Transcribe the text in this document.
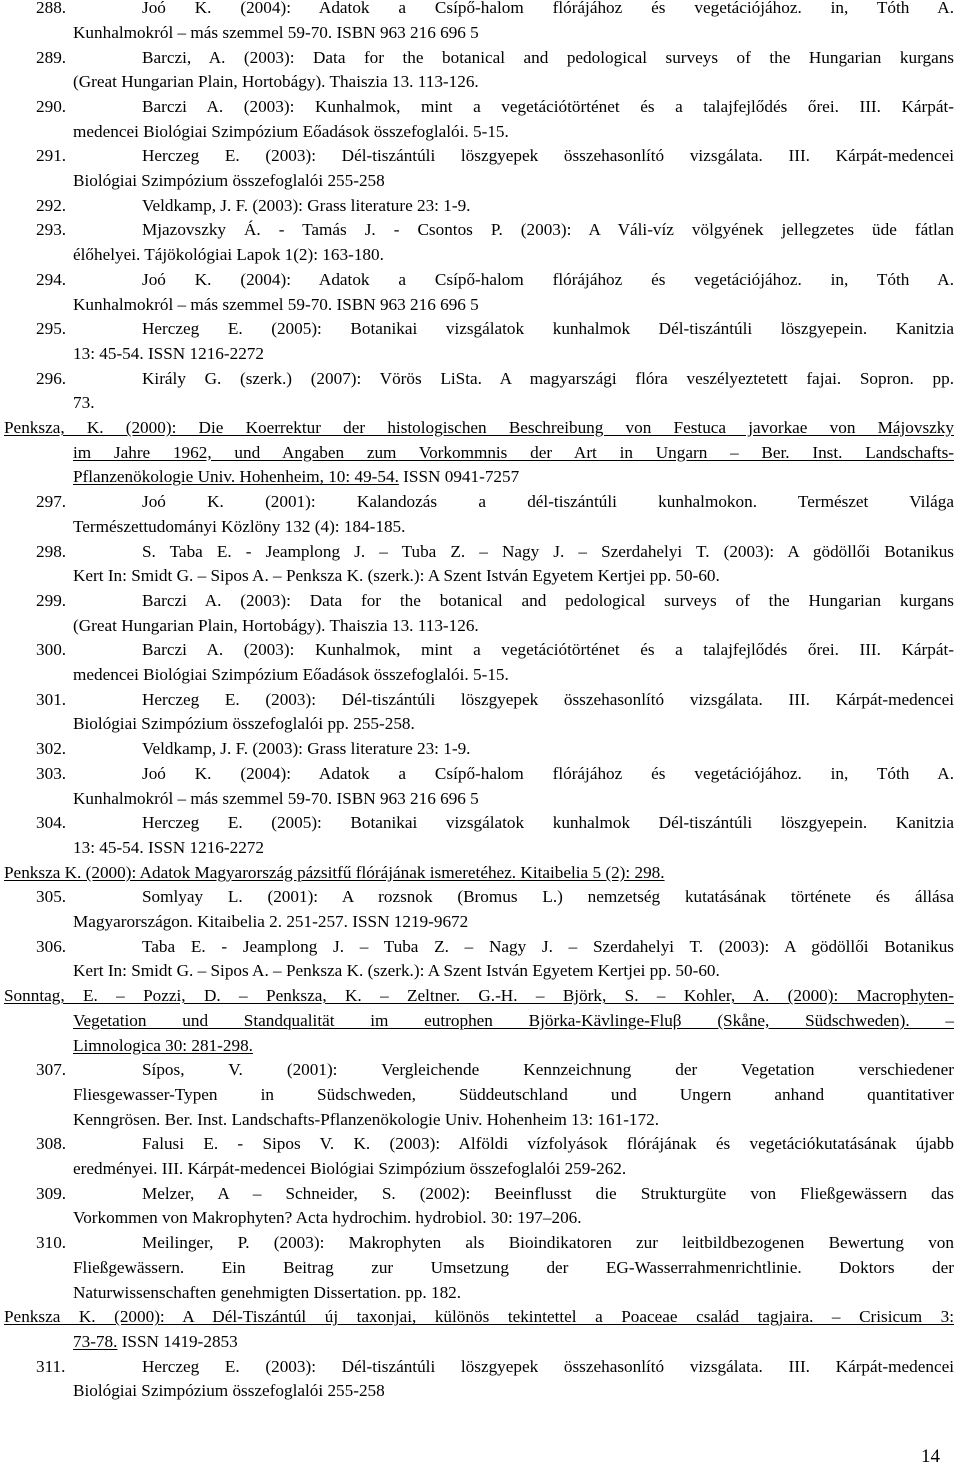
288.	Joó K. (2004): Adatok a Csípő-halom flórájához és vegetációjához. in, Tóth A.
Kunhalmokról – más szemmel 59-70. ISBN 963 216 696 5
289.	Barczi, A. (2003): Data for the botanical and pedological surveys of the Hungarian kurgans
(Great Hungarian Plain, Hortobágy). Thaiszia 13. 113-126.
290.	Barczi A. (2003): Kunhalmok, mint a vegetációtörténet és a talajfejlődés őrei. III. Kárpát-
medencei Biológiai Szimpózium Eőadások összefoglalói. 5-15.
291.	Herczeg E. (2003): Dél-tiszántúli löszgyepek összehasonlító vizsgálata. III. Kárpát-medencei
Biológiai Szimpózium összefoglalói 255-258
292.	Veldkamp, J. F. (2003): Grass literature 23: 1-9.
293.	Mjazovszky Á. - Tamás J. - Csontos P. (2003): A Váli-víz völgyének jellegzetes üde fátlan
élőhelyei. Tájökológiai Lapok 1(2): 163-180.
294.	Joó K. (2004): Adatok a Csípő-halom flórájához és vegetációjához. in, Tóth A.
Kunhalmokról – más szemmel 59-70. ISBN 963 216 696 5
295.	Herczeg E. (2005): Botanikai vizsgálatok kunhalmok Dél-tiszántúli löszgyepein. Kanitzia
13: 45-54. ISSN 1216-2272
296.	Király G. (szerk.) (2007): Vörös LiSta. A magyarszági flóra veszélyeztetett fajai. Sopron. pp.
73.
Penksza, K. (2000): Die Koerrektur der histologischen Beschreibung von Festuca javorkae von Májovszky
im Jahre 1962, und Angaben zum Vorkommnis der Art in Ungarn – Ber. Inst. Landschafts-
Pflanzenökologie Univ. Hohenheim, 10: 49-54. ISSN 0941-7257
297.	Joó K. (2001): Kalandozás a dél-tiszántúli kunhalmokon. Természet Világa
Természettudományi Közlöny 132 (4): 184-185.
298.	S. Taba E. - Jeamplong J. – Tuba Z. – Nagy J. – Szerdahelyi T. (2003): A gödöllői Botanikus
Kert In: Smidt G. – Sipos A. – Penksza K. (szerk.): A Szent István Egyetem Kertjei pp. 50-60.
299.	Barczi A. (2003): Data for the botanical and pedological surveys of the Hungarian kurgans
(Great Hungarian Plain, Hortobágy). Thaiszia 13. 113-126.
300.	Barczi A. (2003): Kunhalmok, mint a vegetációtörténet és a talajfejlődés őrei. III. Kárpát-
medencei Biológiai Szimpózium Eőadások összefoglalói. 5-15.
301.	Herczeg E. (2003): Dél-tiszántúli löszgyepek összehasonlító vizsgálata. III. Kárpát-medencei
Biológiai Szimpózium összefoglalói pp. 255-258.
302.	Veldkamp, J. F. (2003): Grass literature 23: 1-9.
303.	Joó K. (2004): Adatok a Csípő-halom flórájához és vegetációjához. in, Tóth A.
Kunhalmokról – más szemmel 59-70. ISBN 963 216 696 5
304.	Herczeg E. (2005): Botanikai vizsgálatok kunhalmok Dél-tiszántúli löszgyepein. Kanitzia
13: 45-54. ISSN 1216-2272
Penksza K. (2000): Adatok Magyarország pázsitfű flórájának ismeretéhez. Kitaibelia 5 (2): 298.
305.	Somlyay L. (2001): A rozsnok (Bromus L.) nemzetség kutatásának története és állása
Magyarországon. Kitaibelia 2. 251-257. ISSN 1219-9672
306.	Taba E. - Jeamplong J. – Tuba Z. – Nagy J. – Szerdahelyi T. (2003): A gödöllői Botanikus
Kert In: Smidt G. – Sipos A. – Penksza K. (szerk.): A Szent István Egyetem Kertjei pp. 50-60.
Sonntag, E. – Pozzi, D. – Penksza, K. – Zeltner. G.-H. – Björk, S. – Kohler, A. (2000): Macrophyten-
Vegetation und Standqualität im eutrophen Björka-Kävlinge-Fluβ (Skåne, Südschweden). –
Limnologica 30: 281-298.
307.	Sípos, V. (2001): Vergleichende Kennzeichnung der Vegetation verschiedener
Fliesgewasser-Typen in Südschweden, Süddeutschland und Ungern anhand quantitativer
Kenngrösen. Ber. Inst. Landschafts-Pflanzenökologie Univ. Hohenheim 13: 161-172.
308.	Falusi E. - Sipos V. K. (2003): Alföldi vízfolyások flórájának és vegetációkutatásának újabb
eredményei. III. Kárpát-medencei Biológiai Szimpózium összefoglalói 259-262.
309.	Melzer, A – Schneider, S. (2002): Beeinflusst die Strukturgüte von Fließgewässern das
Vorkommen von Makrophyten? Acta hydrochim. hydrobiol. 30: 197–206.
310.	Meilinger, P. (2003): Makrophyten als Bioindikatoren zur leitbildbezogenen Bewertung von
Fließgewässern. Ein Beitrag zur Umsetzung der EG-Wasserrahmenrichtlinie. Doktors der
Naturwissenschaften genehmigten Dissertation. pp. 182.
Penksza K. (2000): A Dél-Tiszántúl új taxonjai, különös tekintettel a Poaceae család tagjaira. – Crisicum 3:
73-78. ISSN 1419-2853
311.	Herczeg E. (2003): Dél-tiszántúli löszgyepek összehasonlító vizsgálata. III. Kárpát-medencei
Biológiai Szimpózium összefoglalói 255-258
14
